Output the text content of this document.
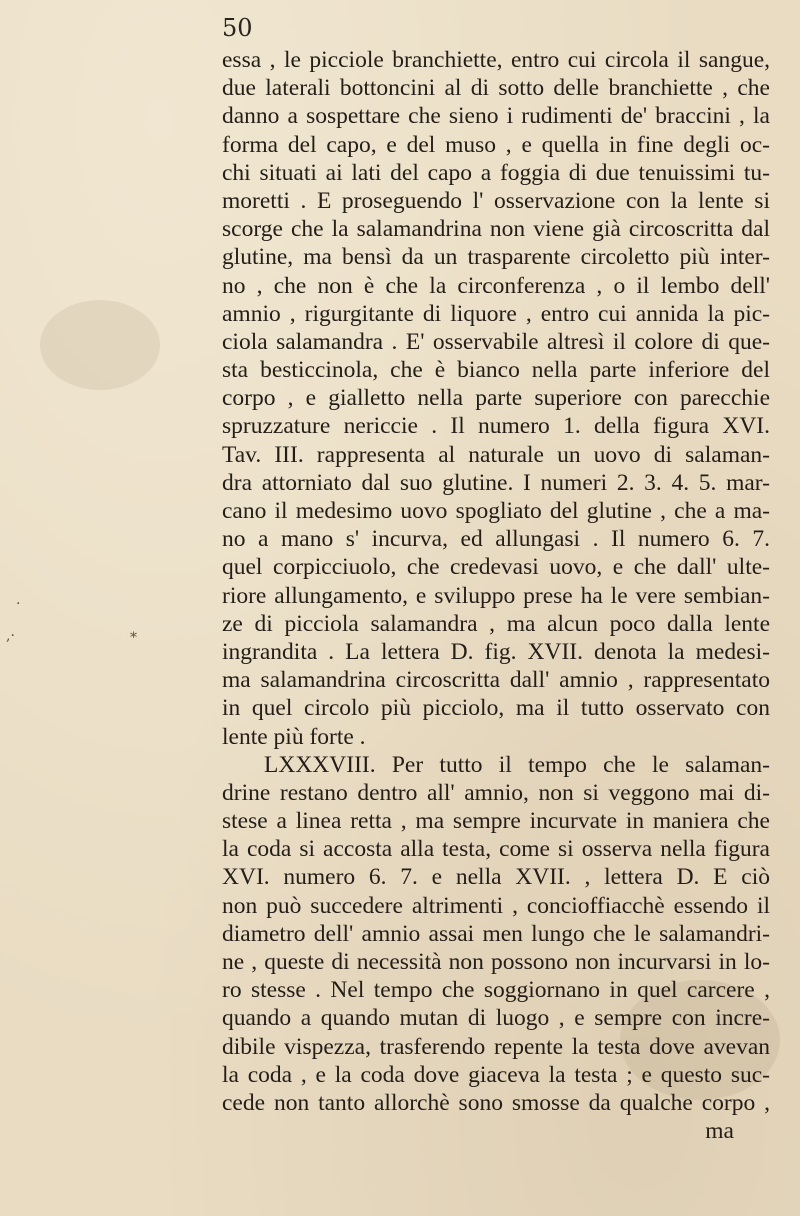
.
,·	*
50
essa , le picciole branchiette, entro cui circola il sangue,
due laterali bottoncini al di sotto delle branchiette , che
danno a sospettare che sieno i rudimenti de' braccini , la
forma del capo, e del muso , e quella in fine degli oc-
chi situati ai lati del capo a foggia di due tenuissimi tu-
moretti . E proseguendo l' osservazione con la lente si
scorge che la salamandrina non viene già circoscritta dal
glutine, ma bensì da un trasparente circoletto più inter-
no , che non è che la circonferenza , o il lembo dell'
amnio , rigurgitante di liquore , entro cui annida la pic-
ciola salamandra . E' osservabile altresì il colore di que-
sta besticcinola, che è bianco nella parte inferiore del
corpo , e gialletto nella parte superiore con parecchie
spruzzature nericcie . Il numero 1. della figura XVI.
Tav. III. rappresenta al naturale un uovo di salaman-
dra attorniato dal suo glutine. I numeri 2. 3. 4. 5. mar-
cano il medesimo uovo spogliato del glutine , che a ma-
no a mano s' incurva, ed allungasi . Il numero 6. 7.
quel corpicciuolo, che credevasi uovo, e che dall' ulte-
riore allungamento, e sviluppo prese ha le vere sembian-
ze di picciola salamandra , ma alcun poco dalla lente
ingrandita . La lettera D. fig. XVII. denota la medesi-
ma salamandrina circoscritta dall' amnio , rappresentato
in quel circolo più picciolo, ma il tutto osservato con
lente più forte .
LXXXVIII. Per tutto il tempo che le salaman-
drine restano dentro all' amnio, non si veggono mai di-
stese a linea retta , ma sempre incurvate in maniera che
la coda si accosta alla testa, come si osserva nella figura
XVI. numero 6. 7. e nella XVII. , lettera D. E ciò
non può succedere altrimenti , concioffiacchè essendo il
diametro dell' amnio assai men lungo che le salamandri-
ne , queste di necessità non possono non incurvarsi in lo-
ro stesse . Nel tempo che soggiornano in quel carcere ,
quando a quando mutan di luogo , e sempre con incre-
dibile vispezza, trasferendo repente la testa dove avevan
la coda , e la coda dove giaceva la testa ; e questo suc-
cede non tanto allorchè sono smosse da qualche corpo ,
ma
